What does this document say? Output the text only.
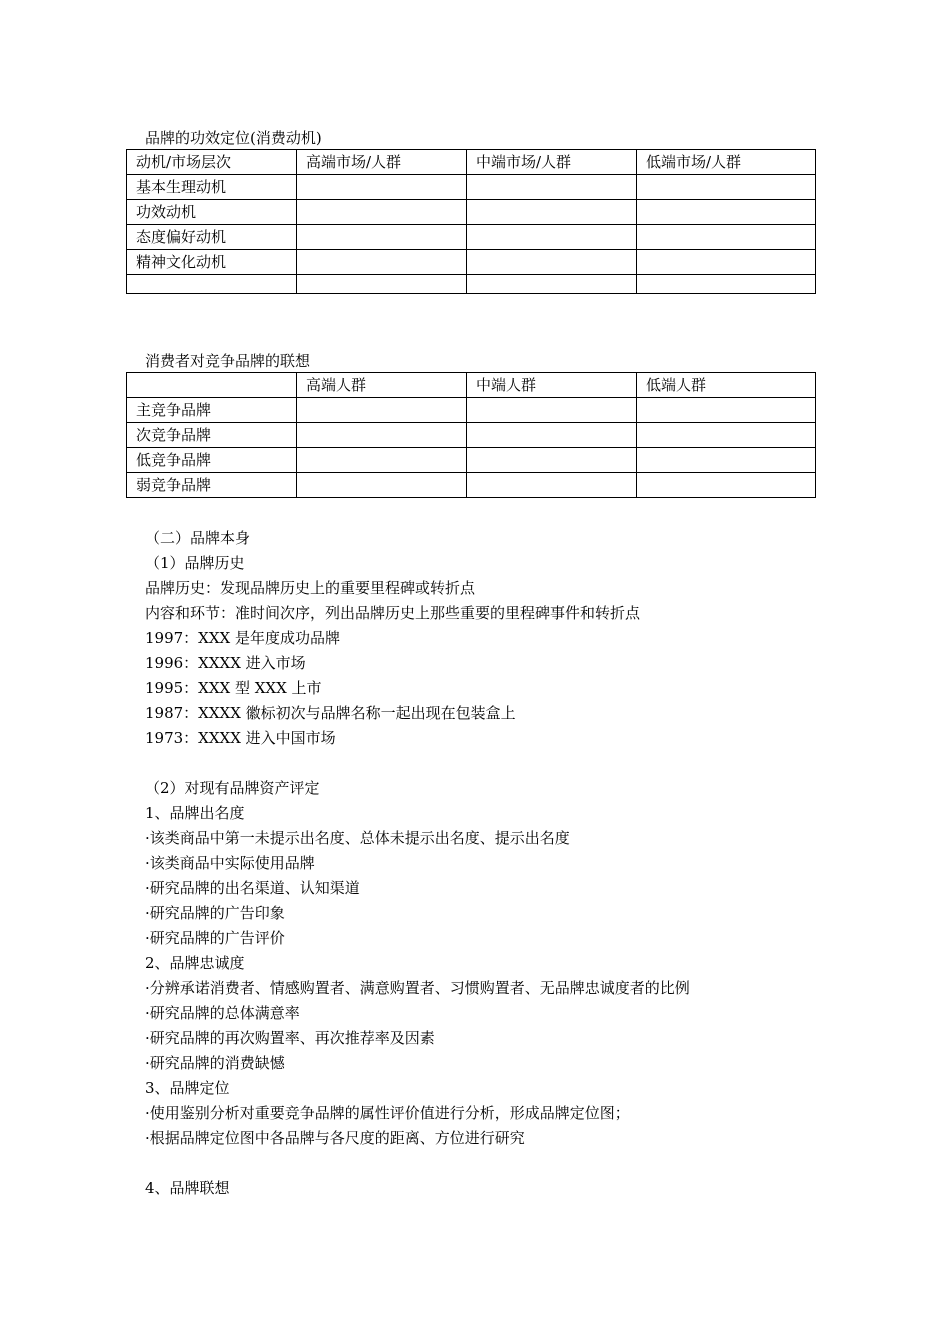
品牌的功效定位(消费动机)
动机/市场层次	高端市场/人群	中端市场/人群	低端市场/人群
基本生理动机			
功效动机			
态度偏好动机			
精神文化动机			

消费者对竞争品牌的联想
	高端人群	中端人群	低端人群
主竞争品牌			
次竞争品牌			
低竞争品牌			
弱竞争品牌			
（二）品牌本身
（1）品牌历史
品牌历史：发现品牌历史上的重要里程碑或转折点
内容和环节：准时间次序，列出品牌历史上那些重要的里程碑事件和转折点
1997：XXX 是年度成功品牌
1996：XXXX 进入市场
1995：XXX 型 XXX 上市
1987：XXXX 徽标初次与品牌名称一起出现在包装盒上
1973：XXXX 进入中国市场
（2）对现有品牌资产评定
1、品牌出名度
·该类商品中第一未提示出名度、总体未提示出名度、提示出名度
·该类商品中实际使用品牌
·研究品牌的出名渠道、认知渠道
·研究品牌的广告印象
·研究品牌的广告评价
2、品牌忠诚度
·分辨承诺消费者、情感购置者、满意购置者、习惯购置者、无品牌忠诚度者的比例
·研究品牌的总体满意率
·研究品牌的再次购置率、再次推荐率及因素
·研究品牌的消费缺憾
3、品牌定位
·使用鉴别分析对重要竞争品牌的属性评价值进行分析，形成品牌定位图；
·根据品牌定位图中各品牌与各尺度的距离、方位进行研究
4、品牌联想
